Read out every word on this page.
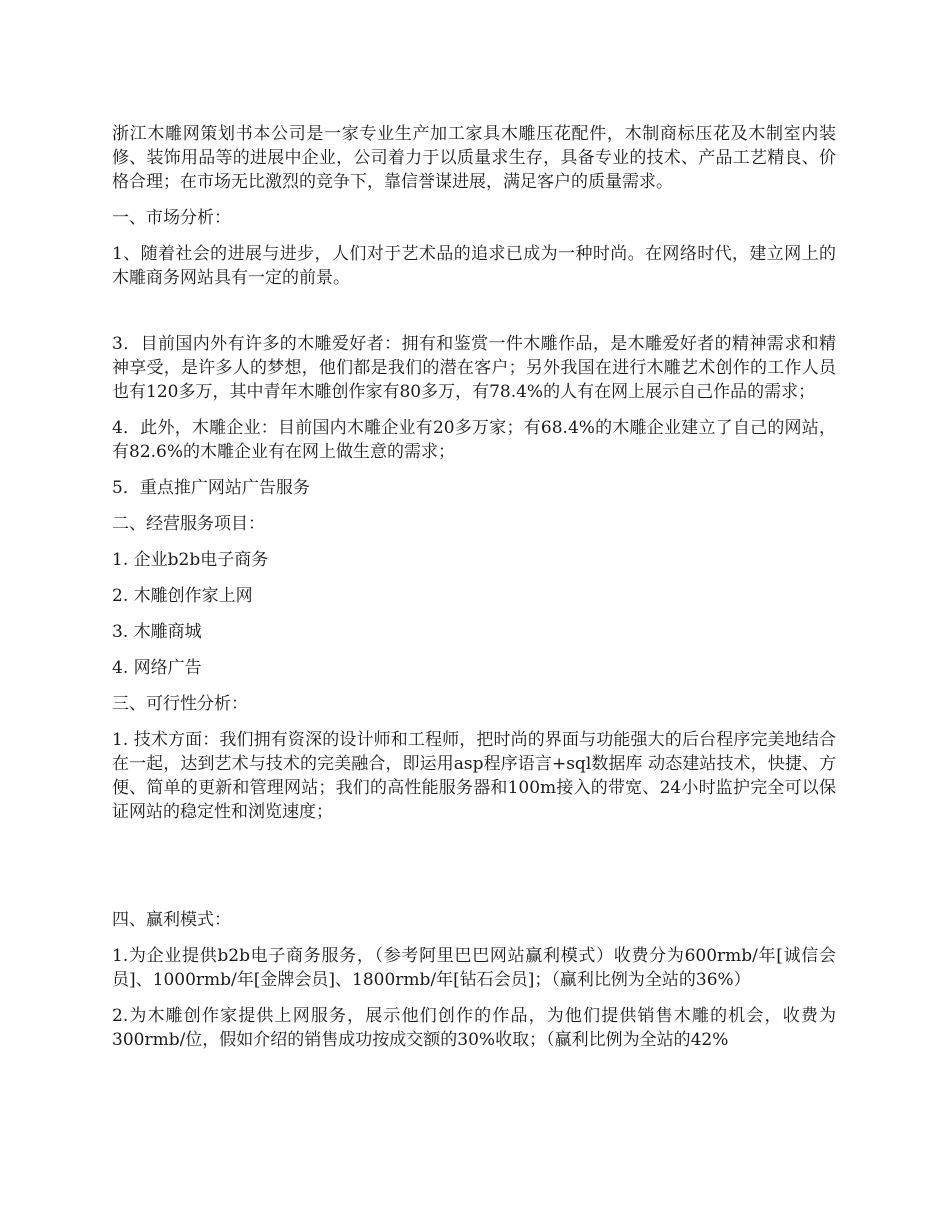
浙江木雕网策划书本公司是一家专业生产加工家具木雕压花配件，木制商标压花及木制室内装修、装饰用品等的进展中企业，公司着力于以质量求生存，具备专业的技术、产品工艺精良、价格合理；在市场无比激烈的竞争下，靠信誉谋进展，满足客户的质量需求。

一、市场分析：

1、随着社会的进展与进步，人们对于艺术品的追求已成为一种时尚。在网络时代，建立网上的木雕商务网站具有一定的前景。

3．目前国内外有许多的木雕爱好者：拥有和鉴赏一件木雕作品，是木雕爱好者的精神需求和精神享受，是许多人的梦想，他们都是我们的潜在客户；另外我国在进行木雕艺术创作的工作人员也有120多万，其中青年木雕创作家有80多万，有78.4%的人有在网上展示自己作品的需求；

4．此外，木雕企业：目前国内木雕企业有20多万家；有68.4%的木雕企业建立了自己的网站，有82.6%的木雕企业有在网上做生意的需求；

5．重点推广网站广告服务

二、经营服务项目：

1. 企业b2b电子商务

2. 木雕创作家上网

3. 木雕商城

4. 网络广告

三、可行性分析：

1. 技术方面：我们拥有资深的设计师和工程师，把时尚的界面与功能强大的后台程序完美地结合在一起，达到艺术与技术的完美融合，即运用asp程序语言+sql数据库 动态建站技术，快捷、方便、简单的更新和管理网站；我们的高性能服务器和100m接入的带宽、24小时监护完全可以保证网站的稳定性和浏览速度；

四、赢利模式：

1.为企业提供b2b电子商务服务，（参考阿里巴巴网站赢利模式）收费分为600rmb/年[诚信会员]、1000rmb/年[金牌会员]、1800rmb/年[钻石会员]；（赢利比例为全站的36%）

2.为木雕创作家提供上网服务，展示他们创作的作品，为他们提供销售木雕的机会，收费为300rmb/位，假如介绍的销售成功按成交额的30%收取；（赢利比例为全站的42%
